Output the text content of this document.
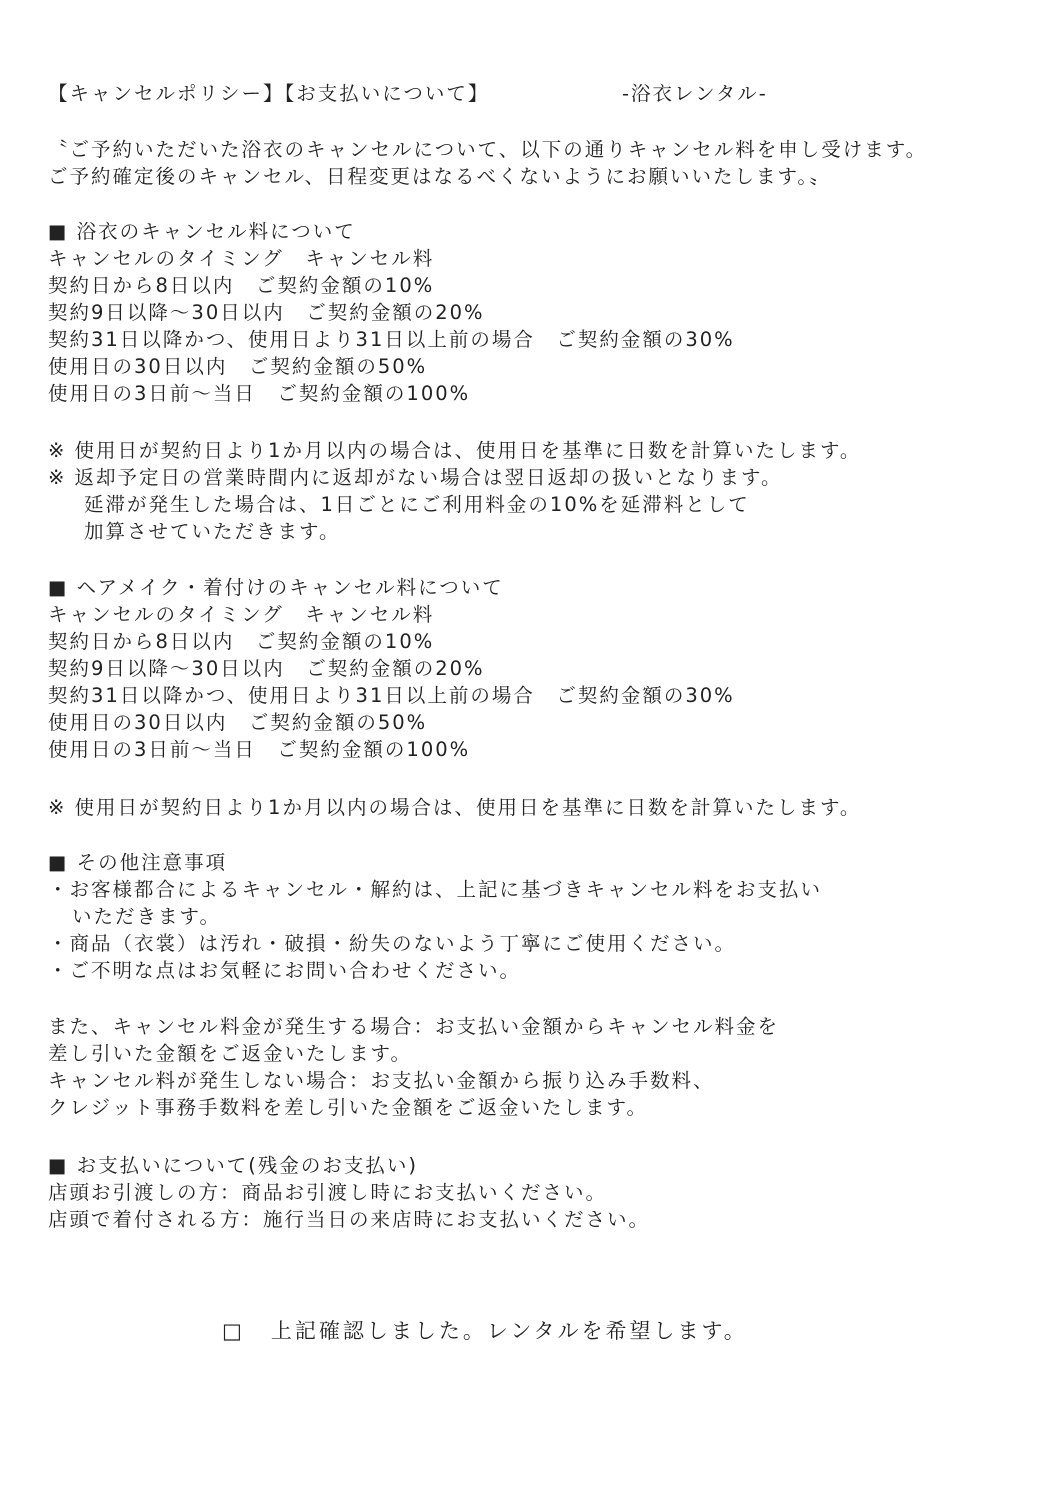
【キャンセルポリシー】【お支払いについて】	-浴衣レンタル-
〝ご予約いただいた浴衣のキャンセルについて、以下の通りキャンセル料を申し受けます。
ご予約確定後のキャンセル、日程変更はなるべくないようにお願いいたします。〟
■ 浴衣のキャンセル料について
キャンセルのタイミング　キャンセル料
契約日から8日以内　ご契約金額の10%
契約9日以降〜30日以内　ご契約金額の20%
契約31日以降かつ、使用日より31日以上前の場合　ご契約金額の30%
使用日の30日以内　ご契約金額の50%
使用日の3日前〜当日　ご契約金額の100%
※ 使用日が契約日より1か月以内の場合は、使用日を基準に日数を計算いたします。
※ 返却予定日の営業時間内に返却がない場合は翌日返却の扱いとなります。
延滞が発生した場合は、1日ごとにご利用料金の10%を延滞料として
加算させていただきます。
■ ヘアメイク・着付けのキャンセル料について
キャンセルのタイミング　キャンセル料
契約日から8日以内　ご契約金額の10%
契約9日以降〜30日以内　ご契約金額の20%
契約31日以降かつ、使用日より31日以上前の場合　ご契約金額の30%
使用日の30日以内　ご契約金額の50%
使用日の3日前〜当日　ご契約金額の100%
※ 使用日が契約日より1か月以内の場合は、使用日を基準に日数を計算いたします。
■ その他注意事項
・お客様都合によるキャンセル・解約は、上記に基づきキャンセル料をお支払い
いただきます。
・商品（衣裳）は汚れ・破損・紛失のないよう丁寧にご使用ください。
・ご不明な点はお気軽にお問い合わせください。
また、キャンセル料金が発生する場合：お支払い金額からキャンセル料金を
差し引いた金額をご返金いたします。
キャンセル料が発生しない場合：お支払い金額から振り込み手数料、
クレジット事務手数料を差し引いた金額をご返金いたします。
■ お支払いについて(残金のお支払い)
店頭お引渡しの方：商品お引渡し時にお支払いください。
店頭で着付される方：施行当日の来店時にお支払いください。
□ 上記確認しました。レンタルを希望します。
